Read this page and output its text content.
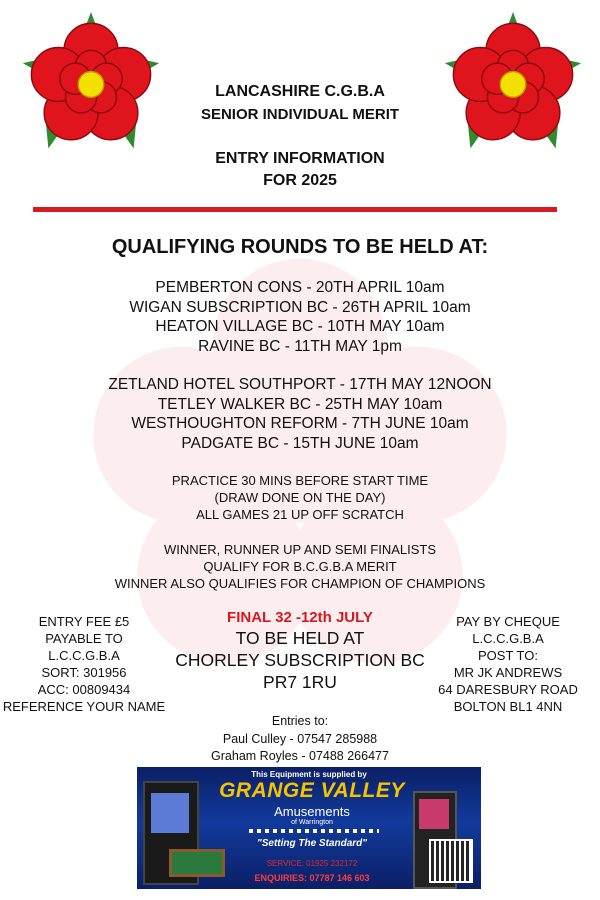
LANCASHIRE C.G.B.A
SENIOR INDIVIDUAL MERIT
ENTRY INFORMATION
FOR 2025
QUALIFYING ROUNDS TO BE HELD AT:
PEMBERTON CONS - 20TH APRIL 10am
WIGAN SUBSCRIPTION BC - 26TH APRIL 10am
HEATON VILLAGE BC - 10TH MAY 10am
RAVINE BC - 11TH MAY 1pm
ZETLAND HOTEL SOUTHPORT - 17TH MAY 12NOON
TETLEY WALKER BC - 25TH MAY 10am
WESTHOUGHTON REFORM - 7TH JUNE 10am
PADGATE BC - 15TH JUNE 10am
PRACTICE 30 MINS BEFORE START TIME
(DRAW DONE ON THE DAY)
ALL GAMES 21 UP OFF SCRATCH
WINNER, RUNNER UP AND SEMI FINALISTS
QUALIFY FOR B.C.G.B.A MERIT
WINNER ALSO QUALIFIES FOR CHAMPION OF CHAMPIONS
ENTRY FEE £5
PAYABLE TO
L.C.C.G.B.A
SORT: 301956
ACC: 00809434
REFERENCE YOUR NAME
FINAL 32 -12th JULY
TO BE HELD AT
CHORLEY SUBSCRIPTION BC
PR7 1RU
PAY BY CHEQUE
L.C.C.G.B.A
POST TO:
MR JK ANDREWS
64 DARESBURY ROAD
BOLTON BL1 4NN
Entries to:
Paul Culley - 07547 285988
Graham Royles - 07488 266477
This Equipment is supplied by
GRANGE VALLEY
Amusements
of Warrington
"Setting The Standard"
SERVICE: 01925 232172
ENQUIRIES: 07787 146 603
